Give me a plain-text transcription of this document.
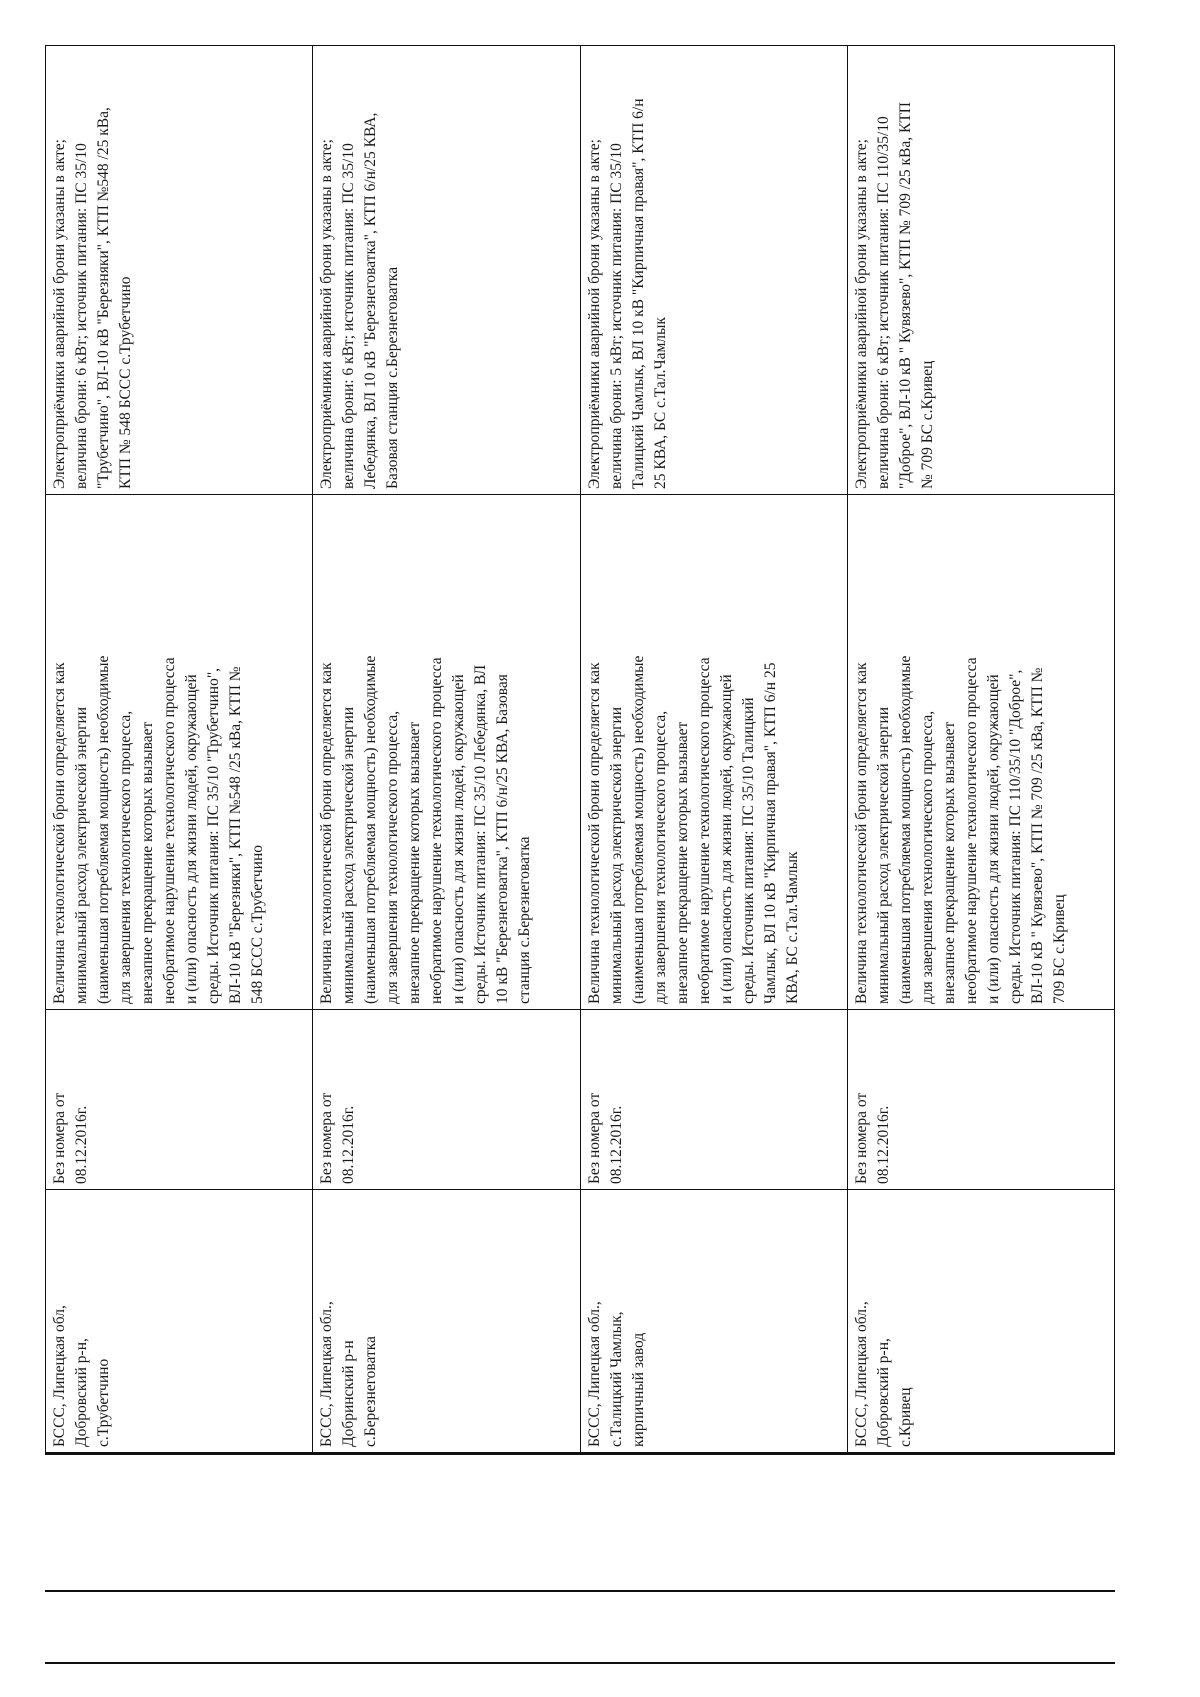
БССС, Липецкая обл,
Добровский р-н,
с.Трубетчино
Без номера от
08.12.2016г.
Величина технологической брони определяется как
минимальный расход электрической энергии
(наименьшая потребляемая мощность) необходимые
для завершения технологического процесса,
внезапное прекращение которых вызывает
необратимое нарушение технологического процесса
и (или) опасность для жизни людей, окружающей
среды. Источник питания: ПС 35/10 "Трубетчино",
ВЛ-10 кВ "Березняки", КТП №548 /25 кВа, КТП №
548 БССС с.Трубетчино
Электроприёмники аварийной брони указаны в акте;
величина брони: 6 кВт; источник питания: ПС 35/10
"Трубетчино", ВЛ-10 кВ "Березняки", КТП №548 /25 кВа,
КТП № 548 БССС с.Трубетчино
БССС, Липецкая обл.,
Добринский р-н
с.Березнеговатка
Без номера от
08.12.2016г.
Величина технологической брони определяется как
минимальный расход электрической энергии
(наименьшая потребляемая мощность) необходимые
для завершения технологического процесса,
внезапное прекращение которых вызывает
необратимое нарушение технологического процесса
и (или) опасность для жизни людей, окружающей
среды. Источник питания: ПС 35/10 Лебедянка, ВЛ
10 кВ "Березнеговатка", КТП 6/н/25 КВА, Базовая
станция с.Березнеговатка
Электроприёмники аварийной брони указаны в акте;
величина брони: 6 кВт; источник питания: ПС 35/10
Лебедянка, ВЛ 10 кВ "Березнеговатка", КТП 6/н/25 КВА,
Базовая станция с.Березнеговатка
БССС, Липецкая обл.,
с.Талицкий Чамлык,
кирпичный завод
Без номера от
08.12.2016г.
Величина технологической брони определяется как
минимальный расход электрической энергии
(наименьшая потребляемая мощность) необходимые
для завершения технологического процесса,
внезапное прекращение которых вызывает
необратимое нарушение технологического процесса
и (или) опасность для жизни людей, окружающей
среды. Источник питания: ПС 35/10 Талицкий
Чамлык, ВЛ 10 кВ "Кирпичная правая", КТП 6/н 25
КВА, БС с.Тал.Чамлык
Электроприёмники аварийной брони указаны в акте;
величина брони: 5 кВт; источник питания: ПС 35/10
Талицкий Чамлык, ВЛ 10 кВ "Кирпичная правая", КТП 6/н
25 КВА, БС с.Тал.Чамлык
БССС, Липецкая обл.,
Добровский р-н,
с.Кривец
Без номера от
08.12.2016г.
Величина технологической брони определяется как
минимальный расход электрической энергии
(наименьшая потребляемая мощность) необходимые
для завершения технологического процесса,
внезапное прекращение которых вызывает
необратимое нарушение технологического процесса
и (или) опасность для жизни людей, окружающей
среды. Источник питания: ПС 110/35/10 "Доброе",
ВЛ-10 кВ " Кувязево", КТП № 709 /25 кВа, КТП №
709 БС с.Кривец
Электроприёмники аварийной брони указаны в акте;
величина брони: 6 кВт; источник питания: ПС 110/35/10
"Доброе", ВЛ-10 кВ " Кувязево", КТП № 709 /25 кВа, КТП
№ 709 БС с.Кривец
